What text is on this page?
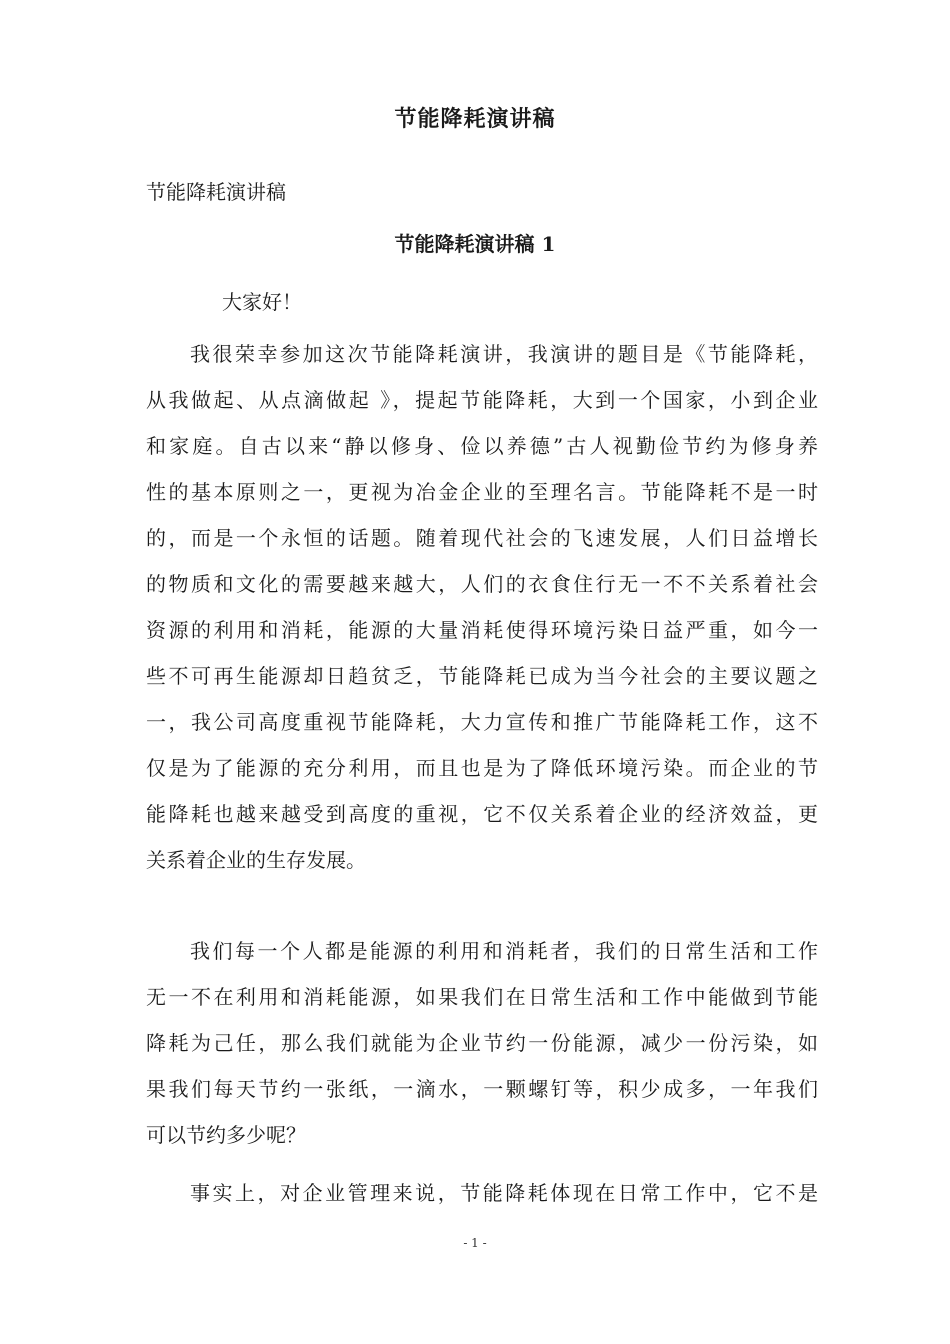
节能降耗演讲稿
节能降耗演讲稿
节能降耗演讲稿 1
大家好！
我很荣幸参加这次节能降耗演讲，我演讲的题目是《节能降耗，
从我做起、从点滴做起 》，提起节能降耗，大到一个国家，小到企业
和家庭。自古以来“静以修身、俭以养德”古人视勤俭节约为修身养
性的基本原则之一，更视为冶金企业的至理名言。节能降耗不是一时
的，而是一个永恒的话题。随着现代社会的飞速发展，人们日益增长
的物质和文化的需要越来越大，人们的衣食住行无一不不关系着社会
资源的利用和消耗，能源的大量消耗使得环境污染日益严重，如今一
些不可再生能源却日趋贫乏，节能降耗已成为当今社会的主要议题之
一，我公司高度重视节能降耗，大力宣传和推广节能降耗工作，这不
仅是为了能源的充分利用，而且也是为了降低环境污染。而企业的节
能降耗也越来越受到高度的重视，它不仅关系着企业的经济效益，更
关系着企业的生存发展。
我们每一个人都是能源的利用和消耗者，我们的日常生活和工作
无一不在利用和消耗能源，如果我们在日常生活和工作中能做到节能
降耗为己任，那么我们就能为企业节约一份能源，减少一份污染，如
果我们每天节约一张纸，一滴水，一颗螺钉等，积少成多，一年我们
可以节约多少呢？
事实上，对企业管理来说，节能降耗体现在日常工作中，它不是
- 1 -
